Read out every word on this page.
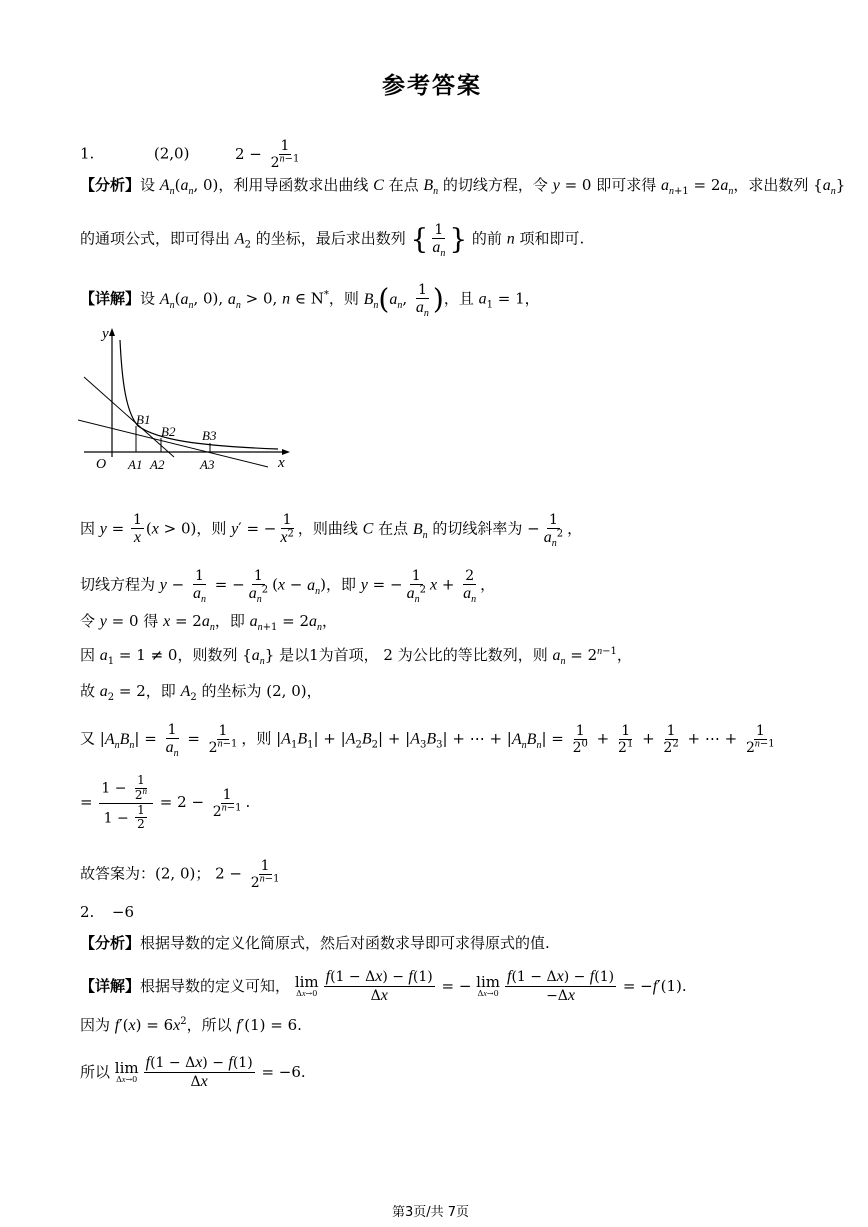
参考答案
1.	(2,0)	$2 - \frac{1}{2^{n-1}}$
【分析】设 $A_n(a_n$, 0)，利用导函数求出曲线 C 在点 $B_n$ 的切线方程，令 y = 0 即可求得 $a_{n+1} = 2a_n$，求出数列 $\{a_n\}$
的通项公式，即可得出 $A_2$ 的坐标，最后求出数列 { $\frac{1}{a_n}$ } 的前 n 项和即可.
【详解】设 $A_n(a_n$, 0), $a_n > 0$, n ∈ N*，则 $B_n(a_n$, $\frac{1}{a_n}$ )，且 $a_1 = 1$，
y
x
O
B1
B2 B3
A1 A2	A3
因 $y = \frac{1}{x} (x > 0)$，则 y′ = − $\frac{1}{x^2}$ ，则曲线 C 在点 $B_n$ 的切线斜率为 − $\frac{1}{a_n^2}$ ，
切线方程为 $y - \frac{1}{a_n}$ = − $\frac{1}{a_n^2} (x - a_n)$，即 y = − $\frac{1}{a_n^2}$ $x + \frac{2}{a_n}$ ，
令 y = 0 得 $x = 2a_n$，即 $a_{n+1} = 2a_n$，
因 $a_1 = 1 \ne 0$，则数列 $\{a_n\}$ 是以1为首项， 2 为公比的等比数列，则 $a_n = 2^{n-1}$，
故 $a_2 = 2$，即 $A_2$ 的坐标为 (2, 0)，
又 $|A_nB_n| = \frac{1}{a_n} = \frac{1}{2^{n-1}}$ ，则 $|A_1B_1| + |A_2B_2| + |A_3B_3|$ + ⋯ + $|A_nB_n| = \frac{1}{2^0} + \frac{1}{2^1} + \frac{1}{2^2}$ + ⋯ + $\frac{1}{2^{n-1}}$
= $\frac{1 - \frac{1}{2^n}}{1 - \frac{1}{2}} = 2 - \frac{1}{2^{n-1}}$ .
故答案为：(2, 0)； $2 - \frac{1}{2^{n-1}}$
2. −6
【分析】根据导数的定义化简原式，然后对函数求导即可求得原式的值.
【详解】根据导数的定义可知， lim
$\Delta x\to 0 \frac{f(1 - \Delta x) - f(1)}{\Delta x}$ = − lim
$\Delta x\to 0 \frac{f(1 - \Delta x) - f(1)}{-\Delta x} = -f'(1)$.
因为 $f'(x) = 6x^2$，所以 f′(1) = 6.
所以 lim
$\Delta x\to 0 \frac{f(1 - \Delta x) - f(1)}{\Delta x} = -6$.
第3页/共 7页
